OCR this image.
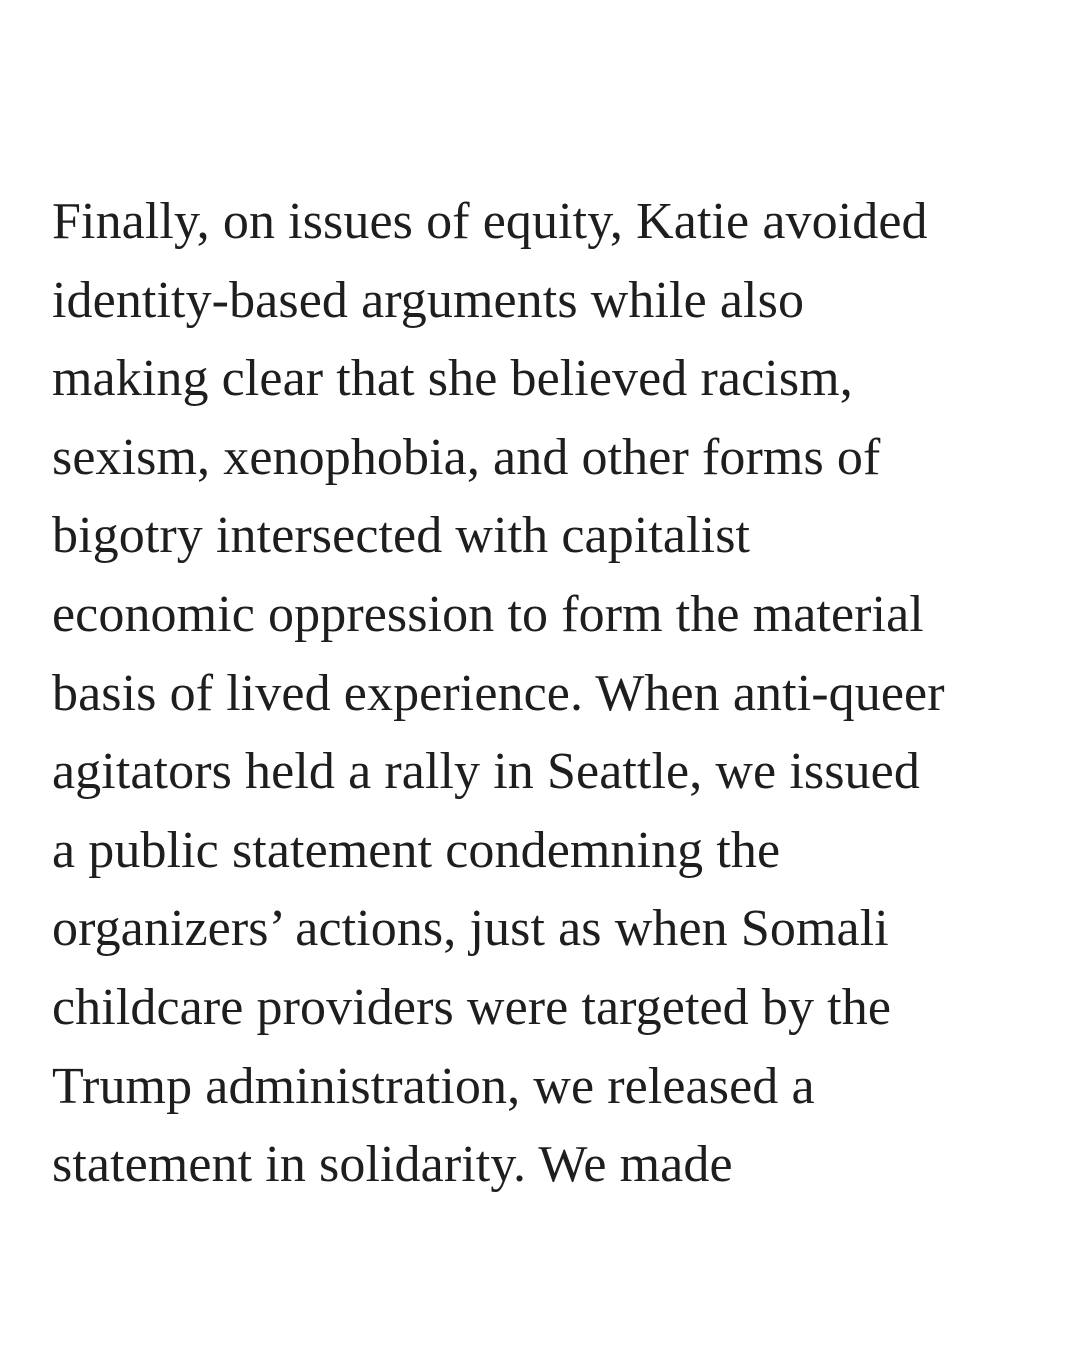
Finally, on issues of equity, Katie avoided
identity-based arguments while also
making clear that she believed racism,
sexism, xenophobia, and other forms of
bigotry intersected with capitalist
economic oppression to form the material
basis of lived experience. When anti-queer
agitators held a rally in Seattle, we issued
a public statement condemning the
organizers’ actions, just as when Somali
childcare providers were targeted by the
Trump administration, we released a
statement in solidarity. We made
